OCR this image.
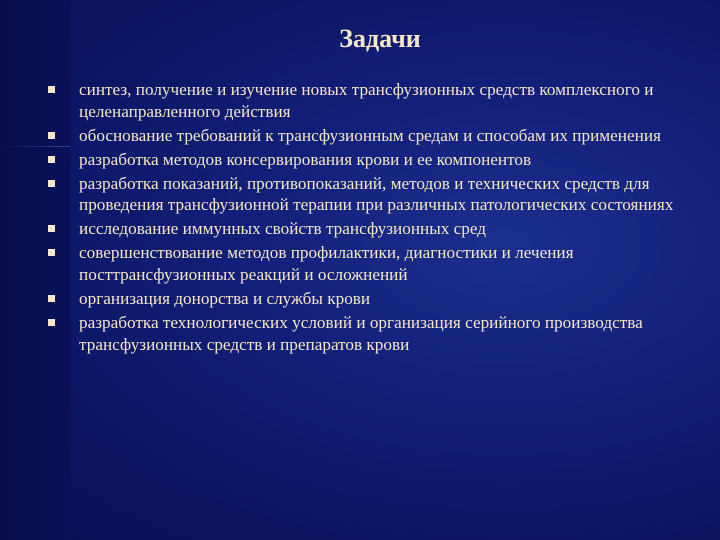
Задачи
синтез, получение и изучение новых трансфузионных средств комплексного и целенаправленного действия
обоснование требований к трансфузионным средам и способам их применения
разработка методов консервирования крови и ее компонентов
разработка показаний, противопоказаний, методов и технических средств для проведения трансфузионной терапии при различных патологических состояниях
исследование иммунных свойств трансфузионных сред
совершенствование методов профилактики, диагностики и лечения посттрансфузионных реакций и осложнений
организация донорства и службы крови
разработка технологических условий и организация серийного производства трансфузионных средств и препаратов крови
